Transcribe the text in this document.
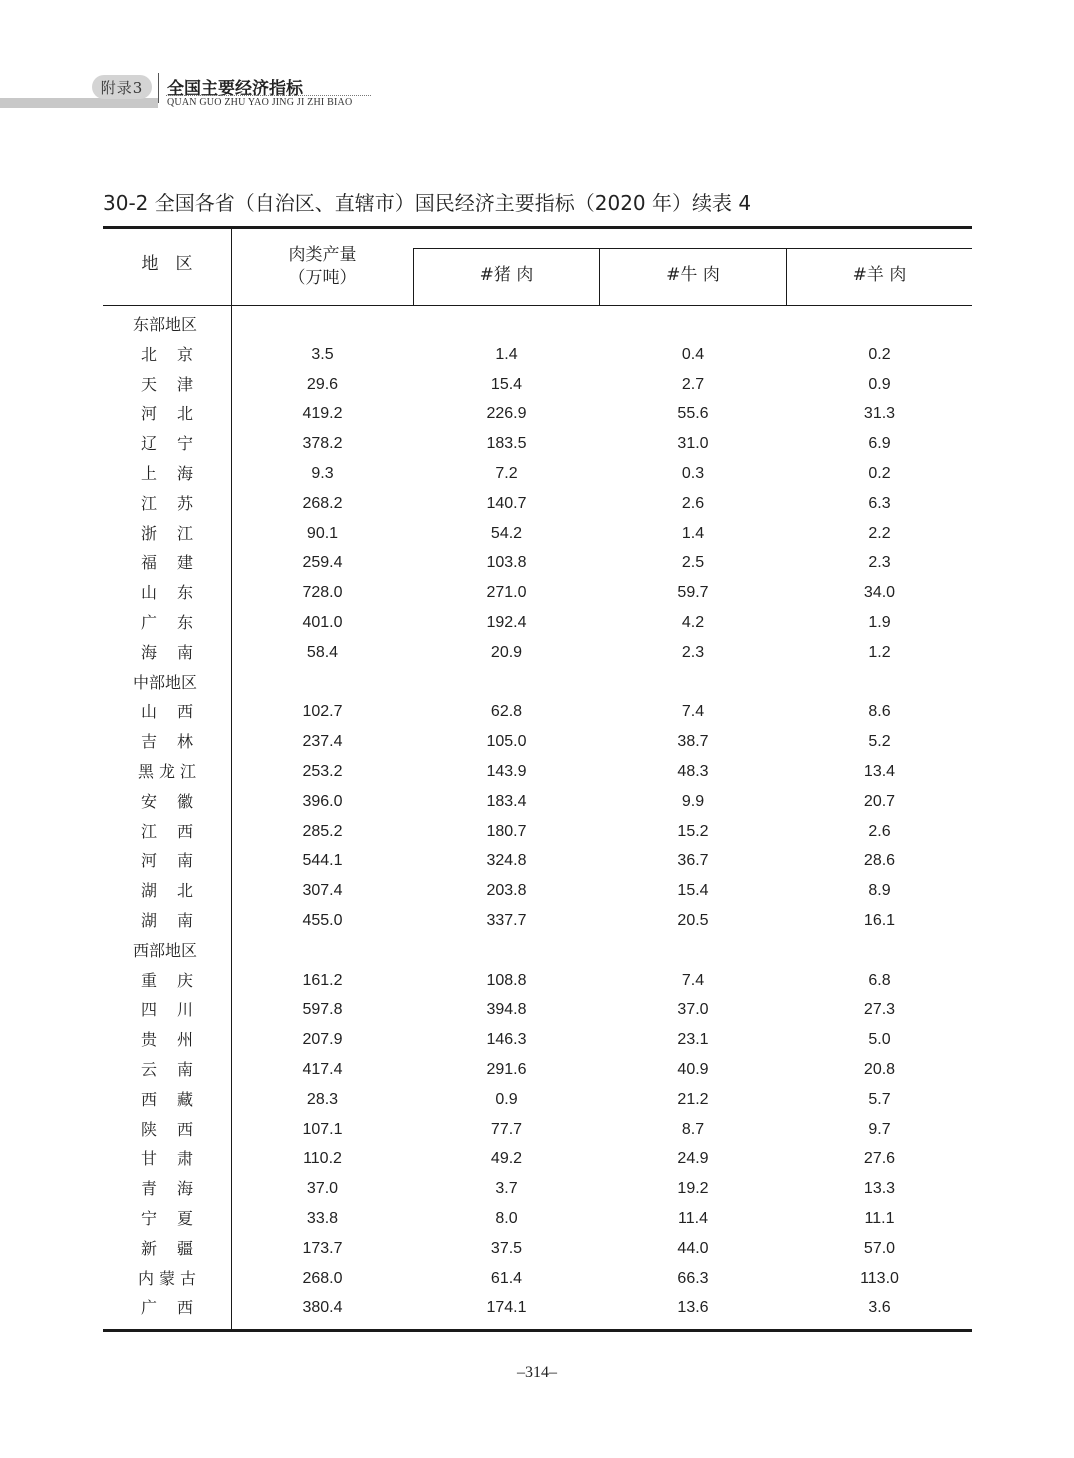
附录3	全国主要经济指标
QUAN GUO ZHU YAO JING JI ZHI BIAO
30-2 全国各省（自治区、直辖市）国民经济主要指标（2020 年）续表 4
地　区	肉类产量
（万吨）	#猪 肉	#牛 肉	#羊 肉
东部地区
北京	3.5	1.4	0.4	0.2
天津	29.6	15.4	2.7	0.9
河北	419.2	226.9	55.6	31.3
辽宁	378.2	183.5	31.0	6.9
上海	9.3	7.2	0.3	0.2
江苏	268.2	140.7	2.6	6.3
浙江	90.1	54.2	1.4	2.2
福建	259.4	103.8	2.5	2.3
山东	728.0	271.0	59.7	34.0
广东	401.0	192.4	4.2	1.9
海南	58.4	20.9	2.3	1.2
中部地区
山西	102.7	62.8	7.4	8.6
吉林	237.4	105.0	38.7	5.2
黑龙江	253.2	143.9	48.3	13.4
安徽	396.0	183.4	9.9	20.7
江西	285.2	180.7	15.2	2.6
河南	544.1	324.8	36.7	28.6
湖北	307.4	203.8	15.4	8.9
湖南	455.0	337.7	20.5	16.1
西部地区
重庆	161.2	108.8	7.4	6.8
四川	597.8	394.8	37.0	27.3
贵州	207.9	146.3	23.1	5.0
云南	417.4	291.6	40.9	20.8
西藏	28.3	0.9	21.2	5.7
陕西	107.1	77.7	8.7	9.7
甘肃	110.2	49.2	24.9	27.6
青海	37.0	3.7	19.2	13.3
宁夏	33.8	8.0	11.4	11.1
新疆	173.7	37.5	44.0	57.0
内蒙古	268.0	61.4	66.3	113.0
广西	380.4	174.1	13.6	3.6
–314–
